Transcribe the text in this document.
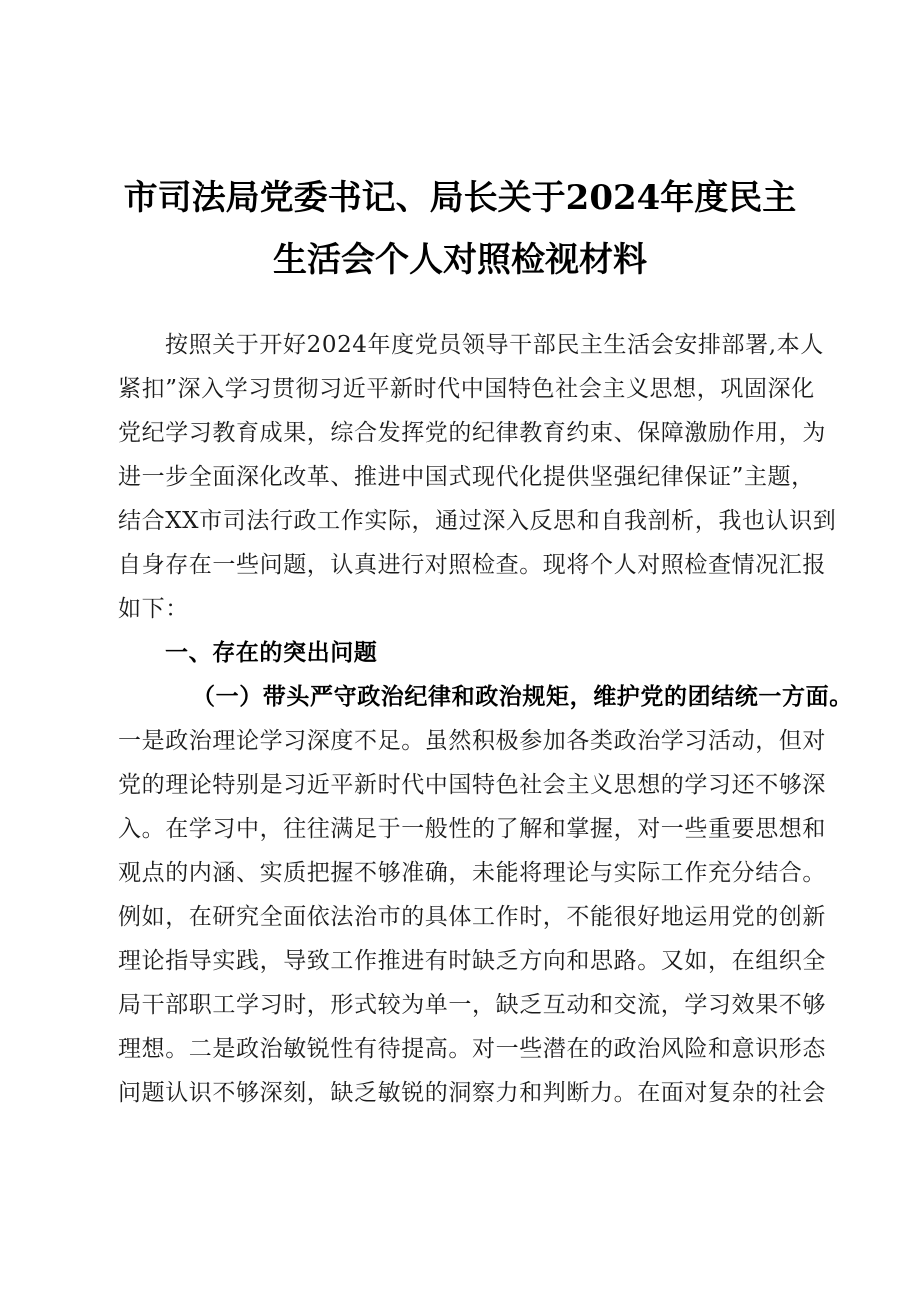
市司法局党委书记、局长关于2024年度民主
生活会个人对照检视材料
按照关于开好2024年度党员领导干部民主生活会安排部署,本人
紧扣”深入学习贯彻习近平新时代中国特色社会主义思想，巩固深化
党纪学习教育成果，综合发挥党的纪律教育约束、保障激励作用，为
进一步全面深化改革、推进中国式现代化提供坚强纪律保证”主题，
结合XX市司法行政工作实际，通过深入反思和自我剖析，我也认识到
自身存在一些问题，认真进行对照检查。现将个人对照检查情况汇报
如下：
一、存在的突出问题
（一）带头严守政治纪律和政治规矩，维护党的团结统一方面。
一是政治理论学习深度不足。虽然积极参加各类政治学习活动，但对
党的理论特别是习近平新时代中国特色社会主义思想的学习还不够深
入。在学习中，往往满足于一般性的了解和掌握，对一些重要思想和
观点的内涵、实质把握不够准确，未能将理论与实际工作充分结合。
例如，在研究全面依法治市的具体工作时，不能很好地运用党的创新
理论指导实践，导致工作推进有时缺乏方向和思路。又如，在组织全
局干部职工学习时，形式较为单一，缺乏互动和交流，学习效果不够
理想。二是政治敏锐性有待提高。对一些潜在的政治风险和意识形态
问题认识不够深刻，缺乏敏锐的洞察力和判断力。在面对复杂的社会
